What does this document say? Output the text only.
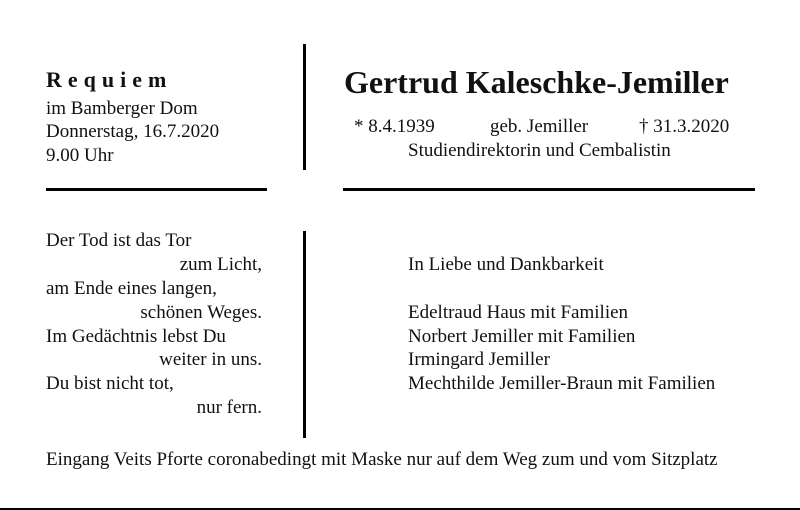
Requiem
im Bamberger Dom
Donnerstag, 16.7.2020
9.00 Uhr
Gertrud Kaleschke-Jemiller
* 8.4.1939	geb. Jemiller	† 31.3.2020
Studiendirektorin und Cembalistin
Der Tod ist das Tor
zum Licht,
am Ende eines langen,
schönen Weges.
Im Gedächtnis lebst Du
weiter in uns.
Du bist nicht tot,
nur fern.
In Liebe und Dankbarkeit
Edeltraud Haus mit Familien
Norbert Jemiller mit Familien
Irmingard Jemiller
Mechthilde Jemiller-Braun mit Familien
Eingang Veits Pforte coronabedingt mit Maske nur auf dem Weg zum und vom Sitzplatz
